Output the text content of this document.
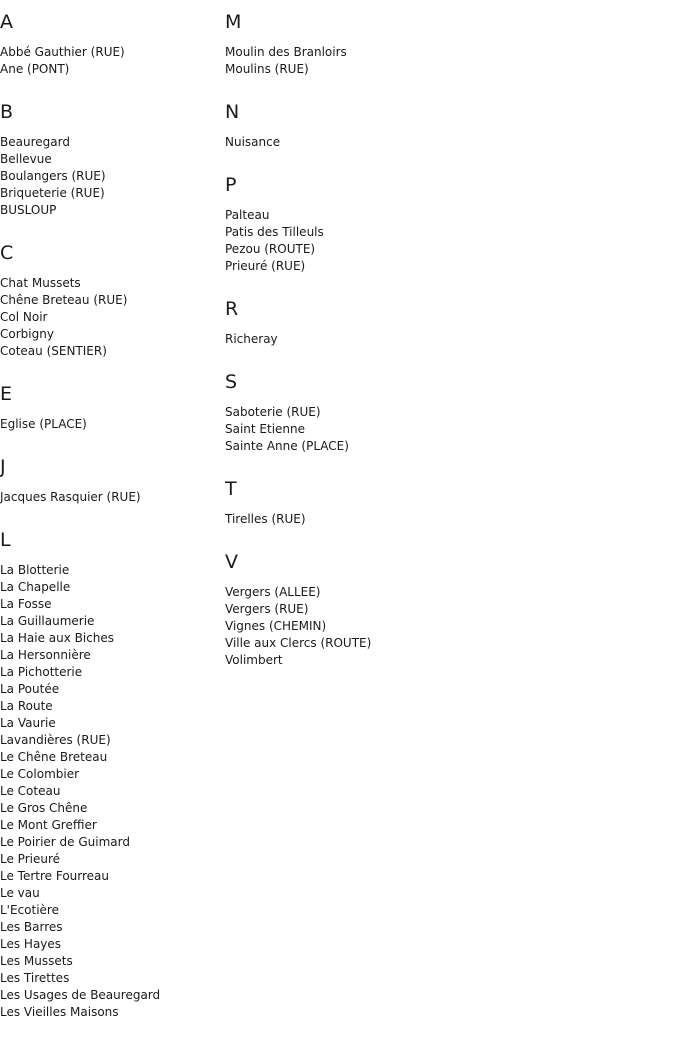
A
Abbé Gauthier (RUE)
Ane (PONT)
B
Beauregard
Bellevue
Boulangers (RUE)
Briqueterie (RUE)
BUSLOUP
C
Chat Mussets
Chêne Breteau (RUE)
Col Noir
Corbigny
Coteau (SENTIER)
E
Eglise (PLACE)
J
Jacques Rasquier (RUE)
L
La Blotterie
La Chapelle
La Fosse
La Guillaumerie
La Haie aux Biches
La Hersonnière
La Pichotterie
La Poutée
La Route
La Vaurie
Lavandières (RUE)
Le Chêne Breteau
Le Colombier
Le Coteau
Le Gros Chêne
Le Mont Greffier
Le Poirier de Guimard
Le Prieuré
Le Tertre Fourreau
Le vau
L'Ecotière
Les Barres
Les Hayes
Les Mussets
Les Tirettes
Les Usages de Beauregard
Les Vieilles Maisons
M
Moulin des Branloirs
Moulins (RUE)
N
Nuisance
P
Palteau
Patis des Tilleuls
Pezou (ROUTE)
Prieuré (RUE)
R
Richeray
S
Saboterie (RUE)
Saint Etienne
Sainte Anne (PLACE)
T
Tirelles (RUE)
V
Vergers (ALLEE)
Vergers (RUE)
Vignes (CHEMIN)
Ville aux Clercs (ROUTE)
Volimbert
